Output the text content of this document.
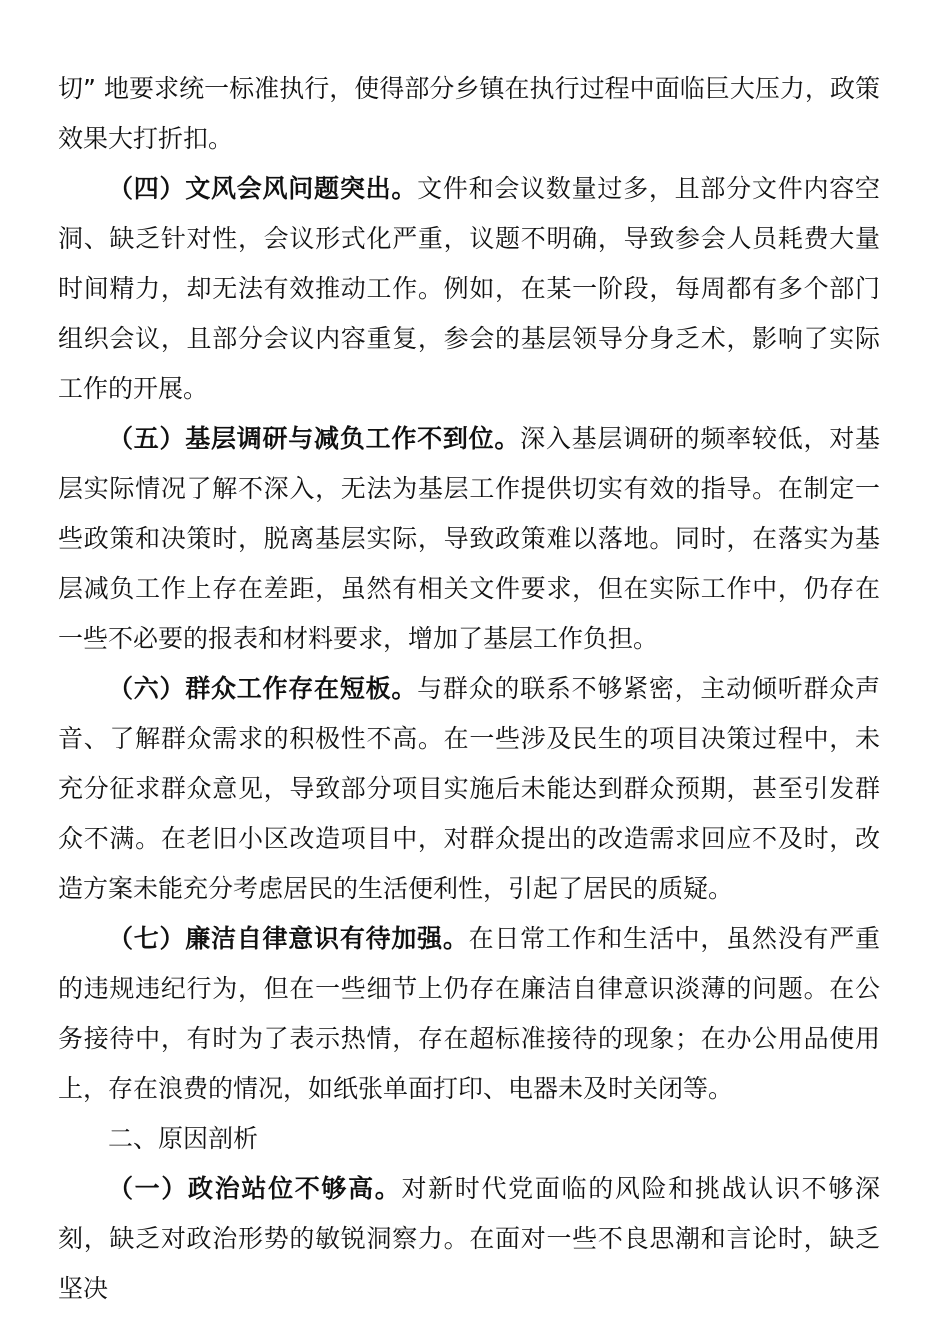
切” 地要求统一标准执行，使得部分乡镇在执行过程中面临巨大压力，政策效果大打折扣。

（四）文风会风问题突出。文件和会议数量过多，且部分文件内容空洞、缺乏针对性，会议形式化严重，议题不明确，导致参会人员耗费大量时间精力，却无法有效推动工作。例如，在某一阶段，每周都有多个部门组织会议，且部分会议内容重复，参会的基层领导分身乏术，影响了实际工作的开展。

（五）基层调研与减负工作不到位。深入基层调研的频率较低，对基层实际情况了解不深入，无法为基层工作提供切实有效的指导。在制定一些政策和决策时，脱离基层实际，导致政策难以落地。同时，在落实为基层减负工作上存在差距，虽然有相关文件要求，但在实际工作中，仍存在一些不必要的报表和材料要求，增加了基层工作负担。

（六）群众工作存在短板。与群众的联系不够紧密，主动倾听群众声音、了解群众需求的积极性不高。在一些涉及民生的项目决策过程中，未充分征求群众意见，导致部分项目实施后未能达到群众预期，甚至引发群众不满。在老旧小区改造项目中，对群众提出的改造需求回应不及时，改造方案未能充分考虑居民的生活便利性，引起了居民的质疑。

（七）廉洁自律意识有待加强。在日常工作和生活中，虽然没有严重的违规违纪行为，但在一些细节上仍存在廉洁自律意识淡薄的问题。在公务接待中，有时为了表示热情，存在超标准接待的现象；在办公用品使用上，存在浪费的情况，如纸张单面打印、电器未及时关闭等。

二、原因剖析

（一）政治站位不够高。对新时代党面临的风险和挑战认识不够深刻，缺乏对政治形势的敏锐洞察力。在面对一些不良思潮和言论时，缺乏坚决
